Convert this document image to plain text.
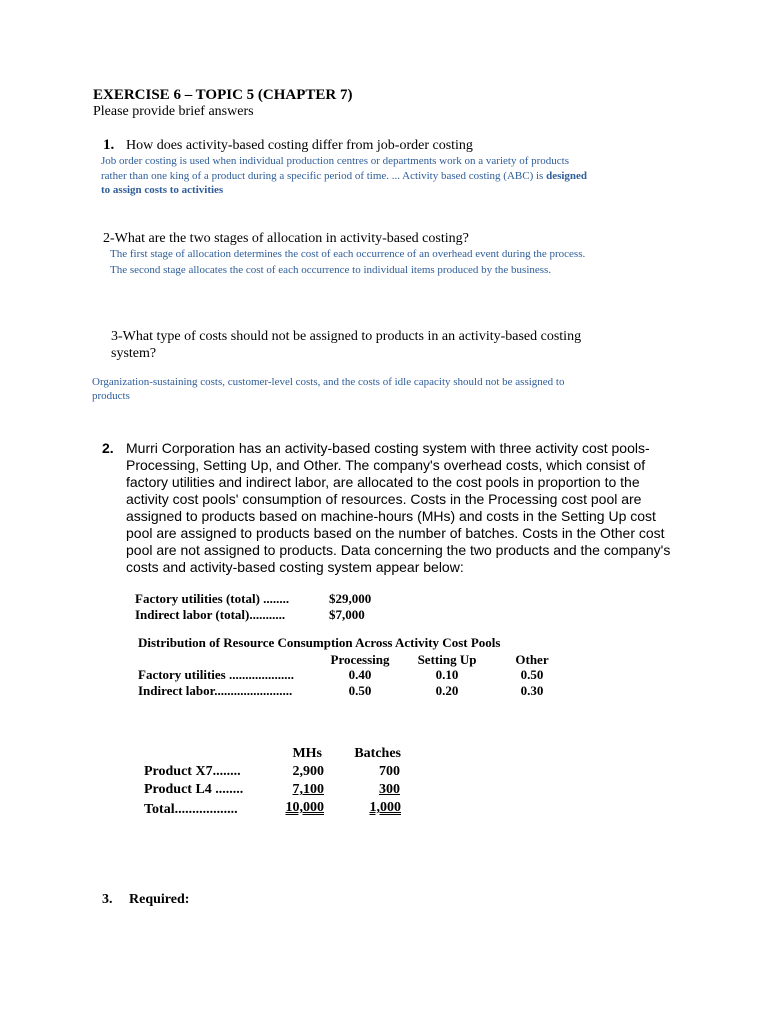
EXERCISE 6 – TOPIC 5 (CHAPTER 7)
Please provide brief answers
1. How does activity-based costing differ from job-order costing
Job order costing is used when individual production centres or departments work on a variety of products
rather than one king of a product during a specific period of time. ... Activity based costing (ABC) is designed
to assign costs to activities
2-What are the two stages of allocation in activity-based costing?
The first stage of allocation determines the cost of each occurrence of an overhead event during the process.
The second stage allocates the cost of each occurrence to individual items produced by the business.
3-What type of costs should not be assigned to products in an activity-based costing
system?
Organization-sustaining costs, customer-level costs, and the costs of idle capacity should not be assigned to
products
2. Murri Corporation has an activity-based costing system with three activity cost pools-
Processing, Setting Up, and Other. The company's overhead costs, which consist of
factory utilities and indirect labor, are allocated to the cost pools in proportion to the
activity cost pools' consumption of resources. Costs in the Processing cost pool are
assigned to products based on machine-hours (MHs) and costs in the Setting Up cost
pool are assigned to products based on the number of batches. Costs in the Other cost
pool are not assigned to products. Data concerning the two products and the company's
costs and activity-based costing system appear below:
Factory utilities (total) ........	$29,000
Indirect labor (total)...........	$7,000
Distribution of Resource Consumption Across Activity Cost Pools
Processing	Setting Up	Other
Factory utilities ....................	0.40	0.10	0.50
Indirect labor........................	0.50	0.20	0.30
MHs	Batches
Product X7........	2,900	700
Product L4 ........	7,100	300
Total..................	10,000	1,000
3. Required:
